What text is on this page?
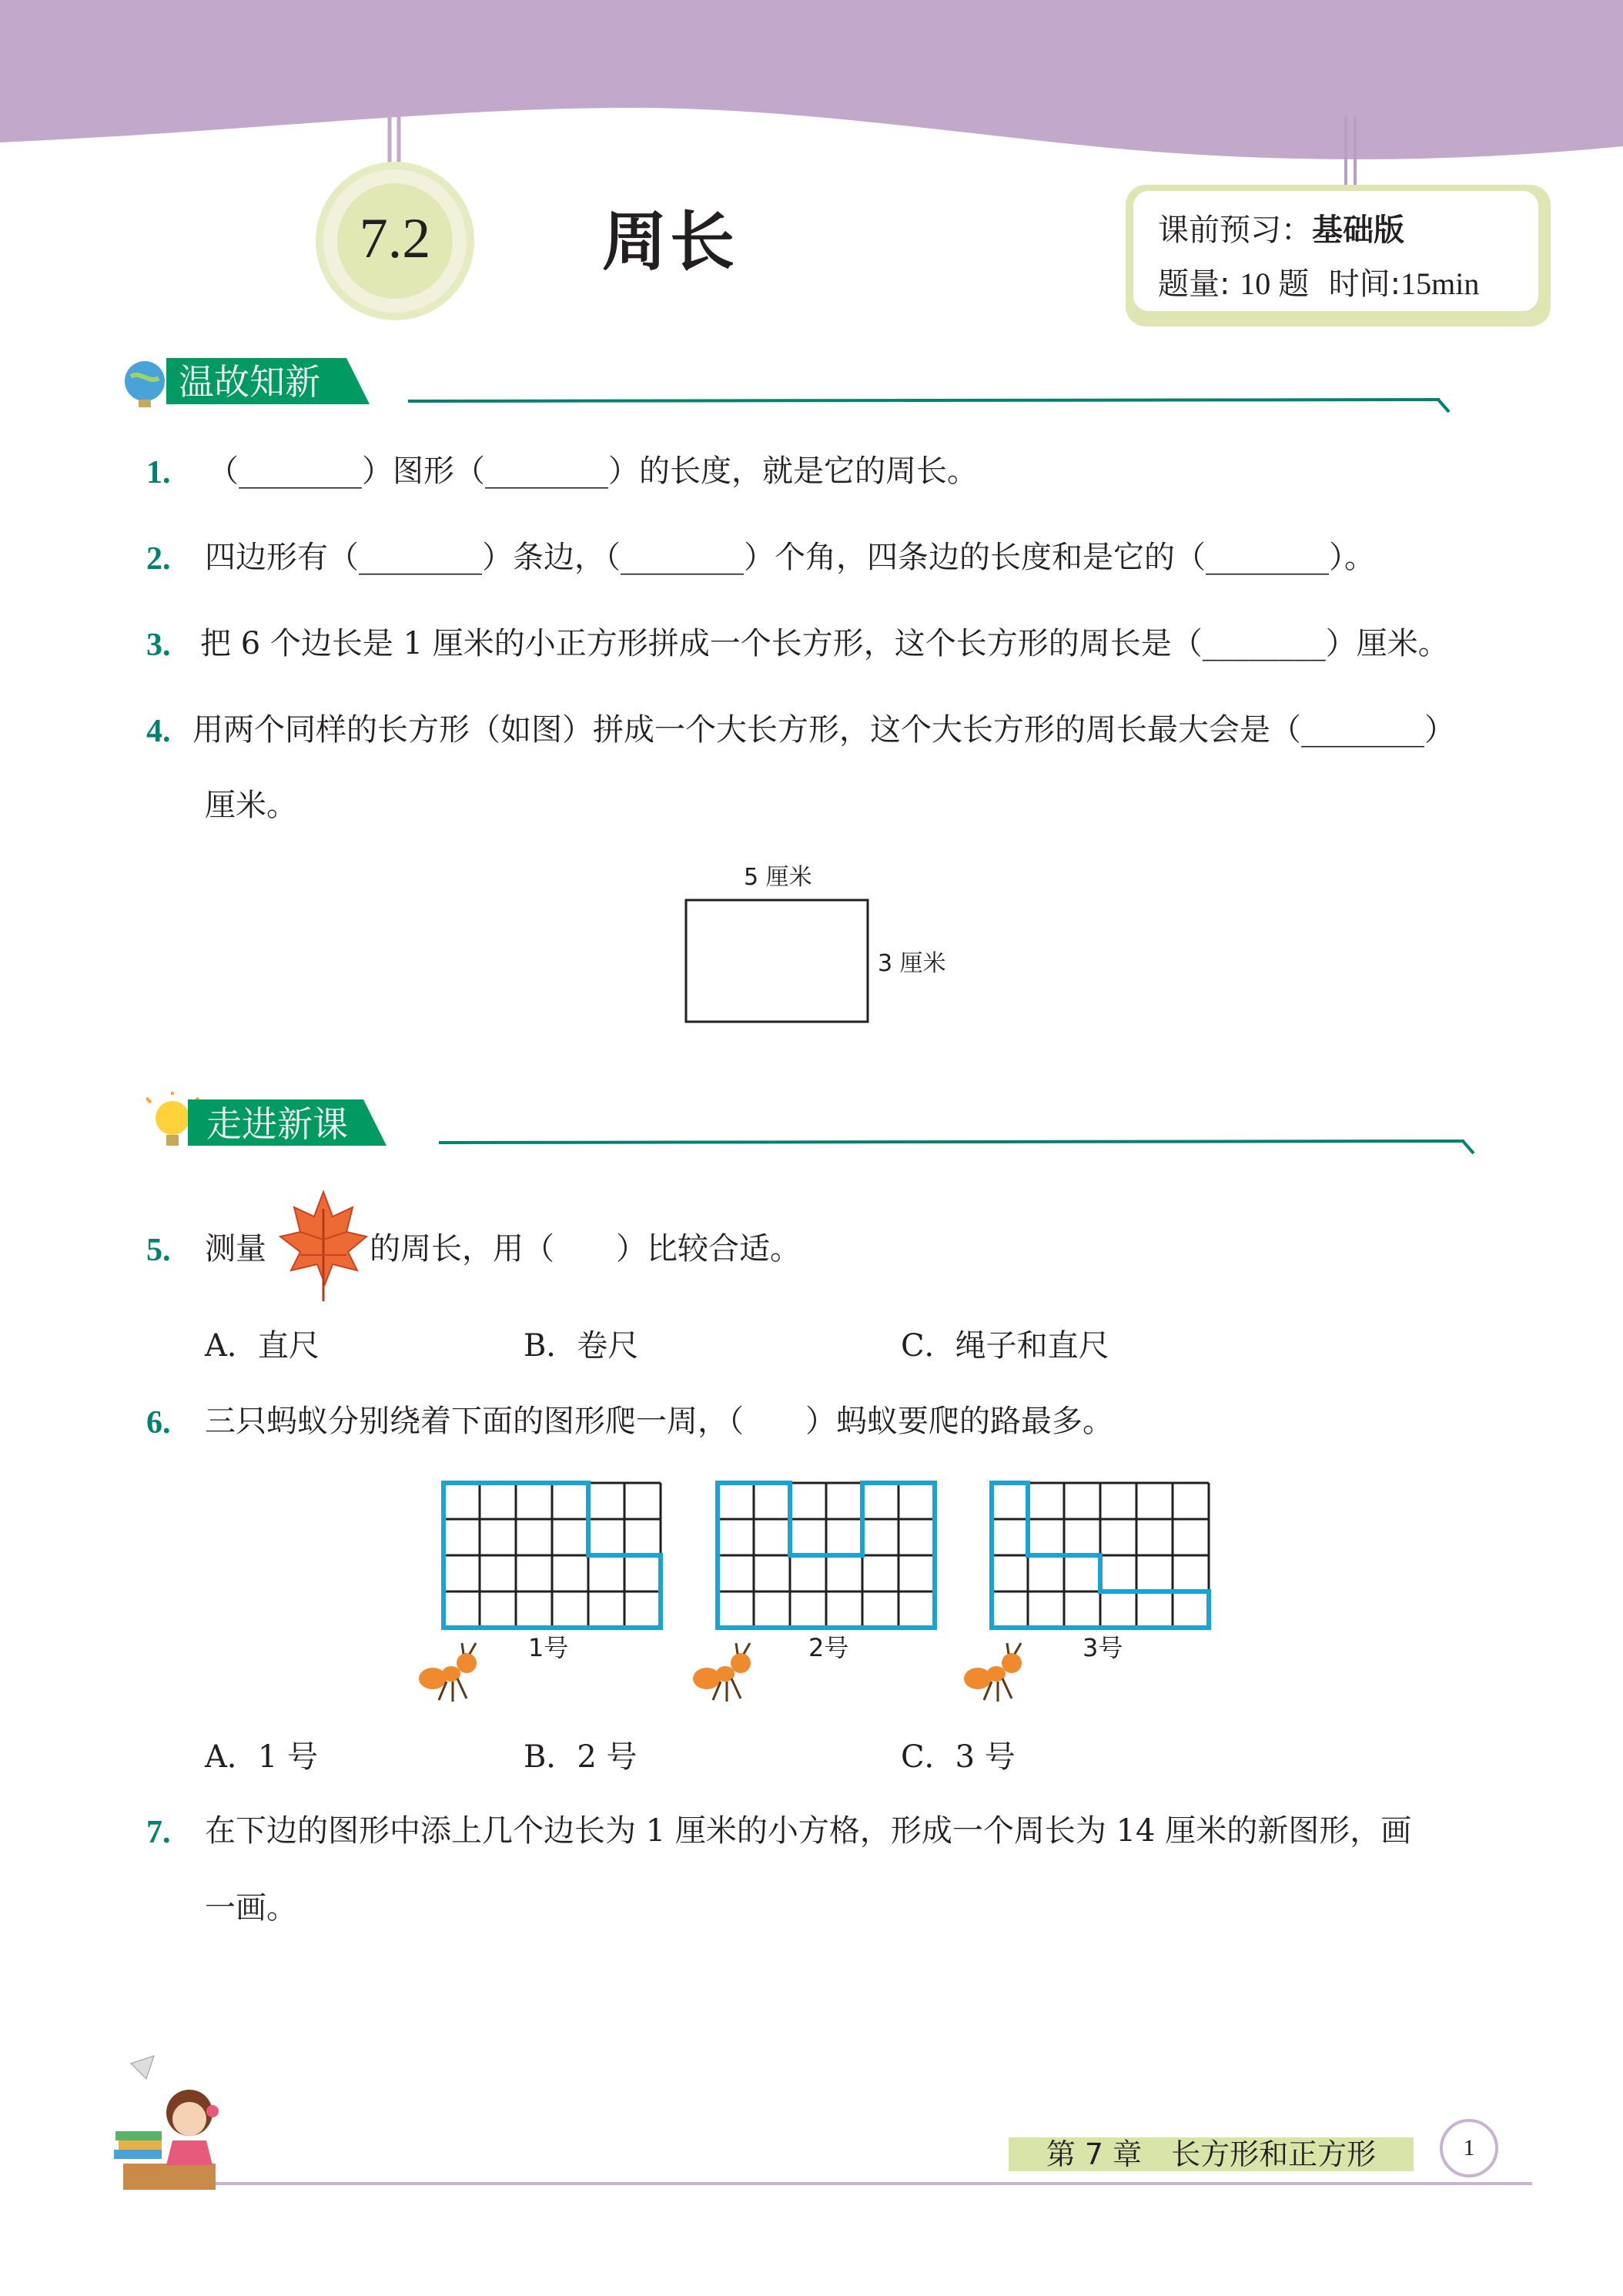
7.2	周长	课前预习：基础版
题量: 10 题 时间:15min
温故知新
1. （________）图形（________）的长度，就是它的周长。
2. 四边形有（________）条边，（________）个角，四条边的长度和是它的（________）。
3. 把 6 个边长是 1 厘米的小正方形拼成一个长方形，这个长方形的周长是（________）厘米。
4. 用两个同样的长方形（如图）拼成一个大长方形，这个大长方形的周长最大会是（________）
厘米。
5 厘米
3 厘米
走进新课
5. 测量	的周长，用（　　）比较合适。
A．直尺	B．卷尺	C．绳子和直尺
6. 三只蚂蚁分别绕着下面的图形爬一周，（　　）蚂蚁要爬的路最多。
1号	2号	3号
A．1 号	B．2 号	C．3 号
7. 在下边的图形中添上几个边长为 1 厘米的小方格，形成一个周长为 14 厘米的新图形，画
一画。
第 7 章　长方形和正方形	1
